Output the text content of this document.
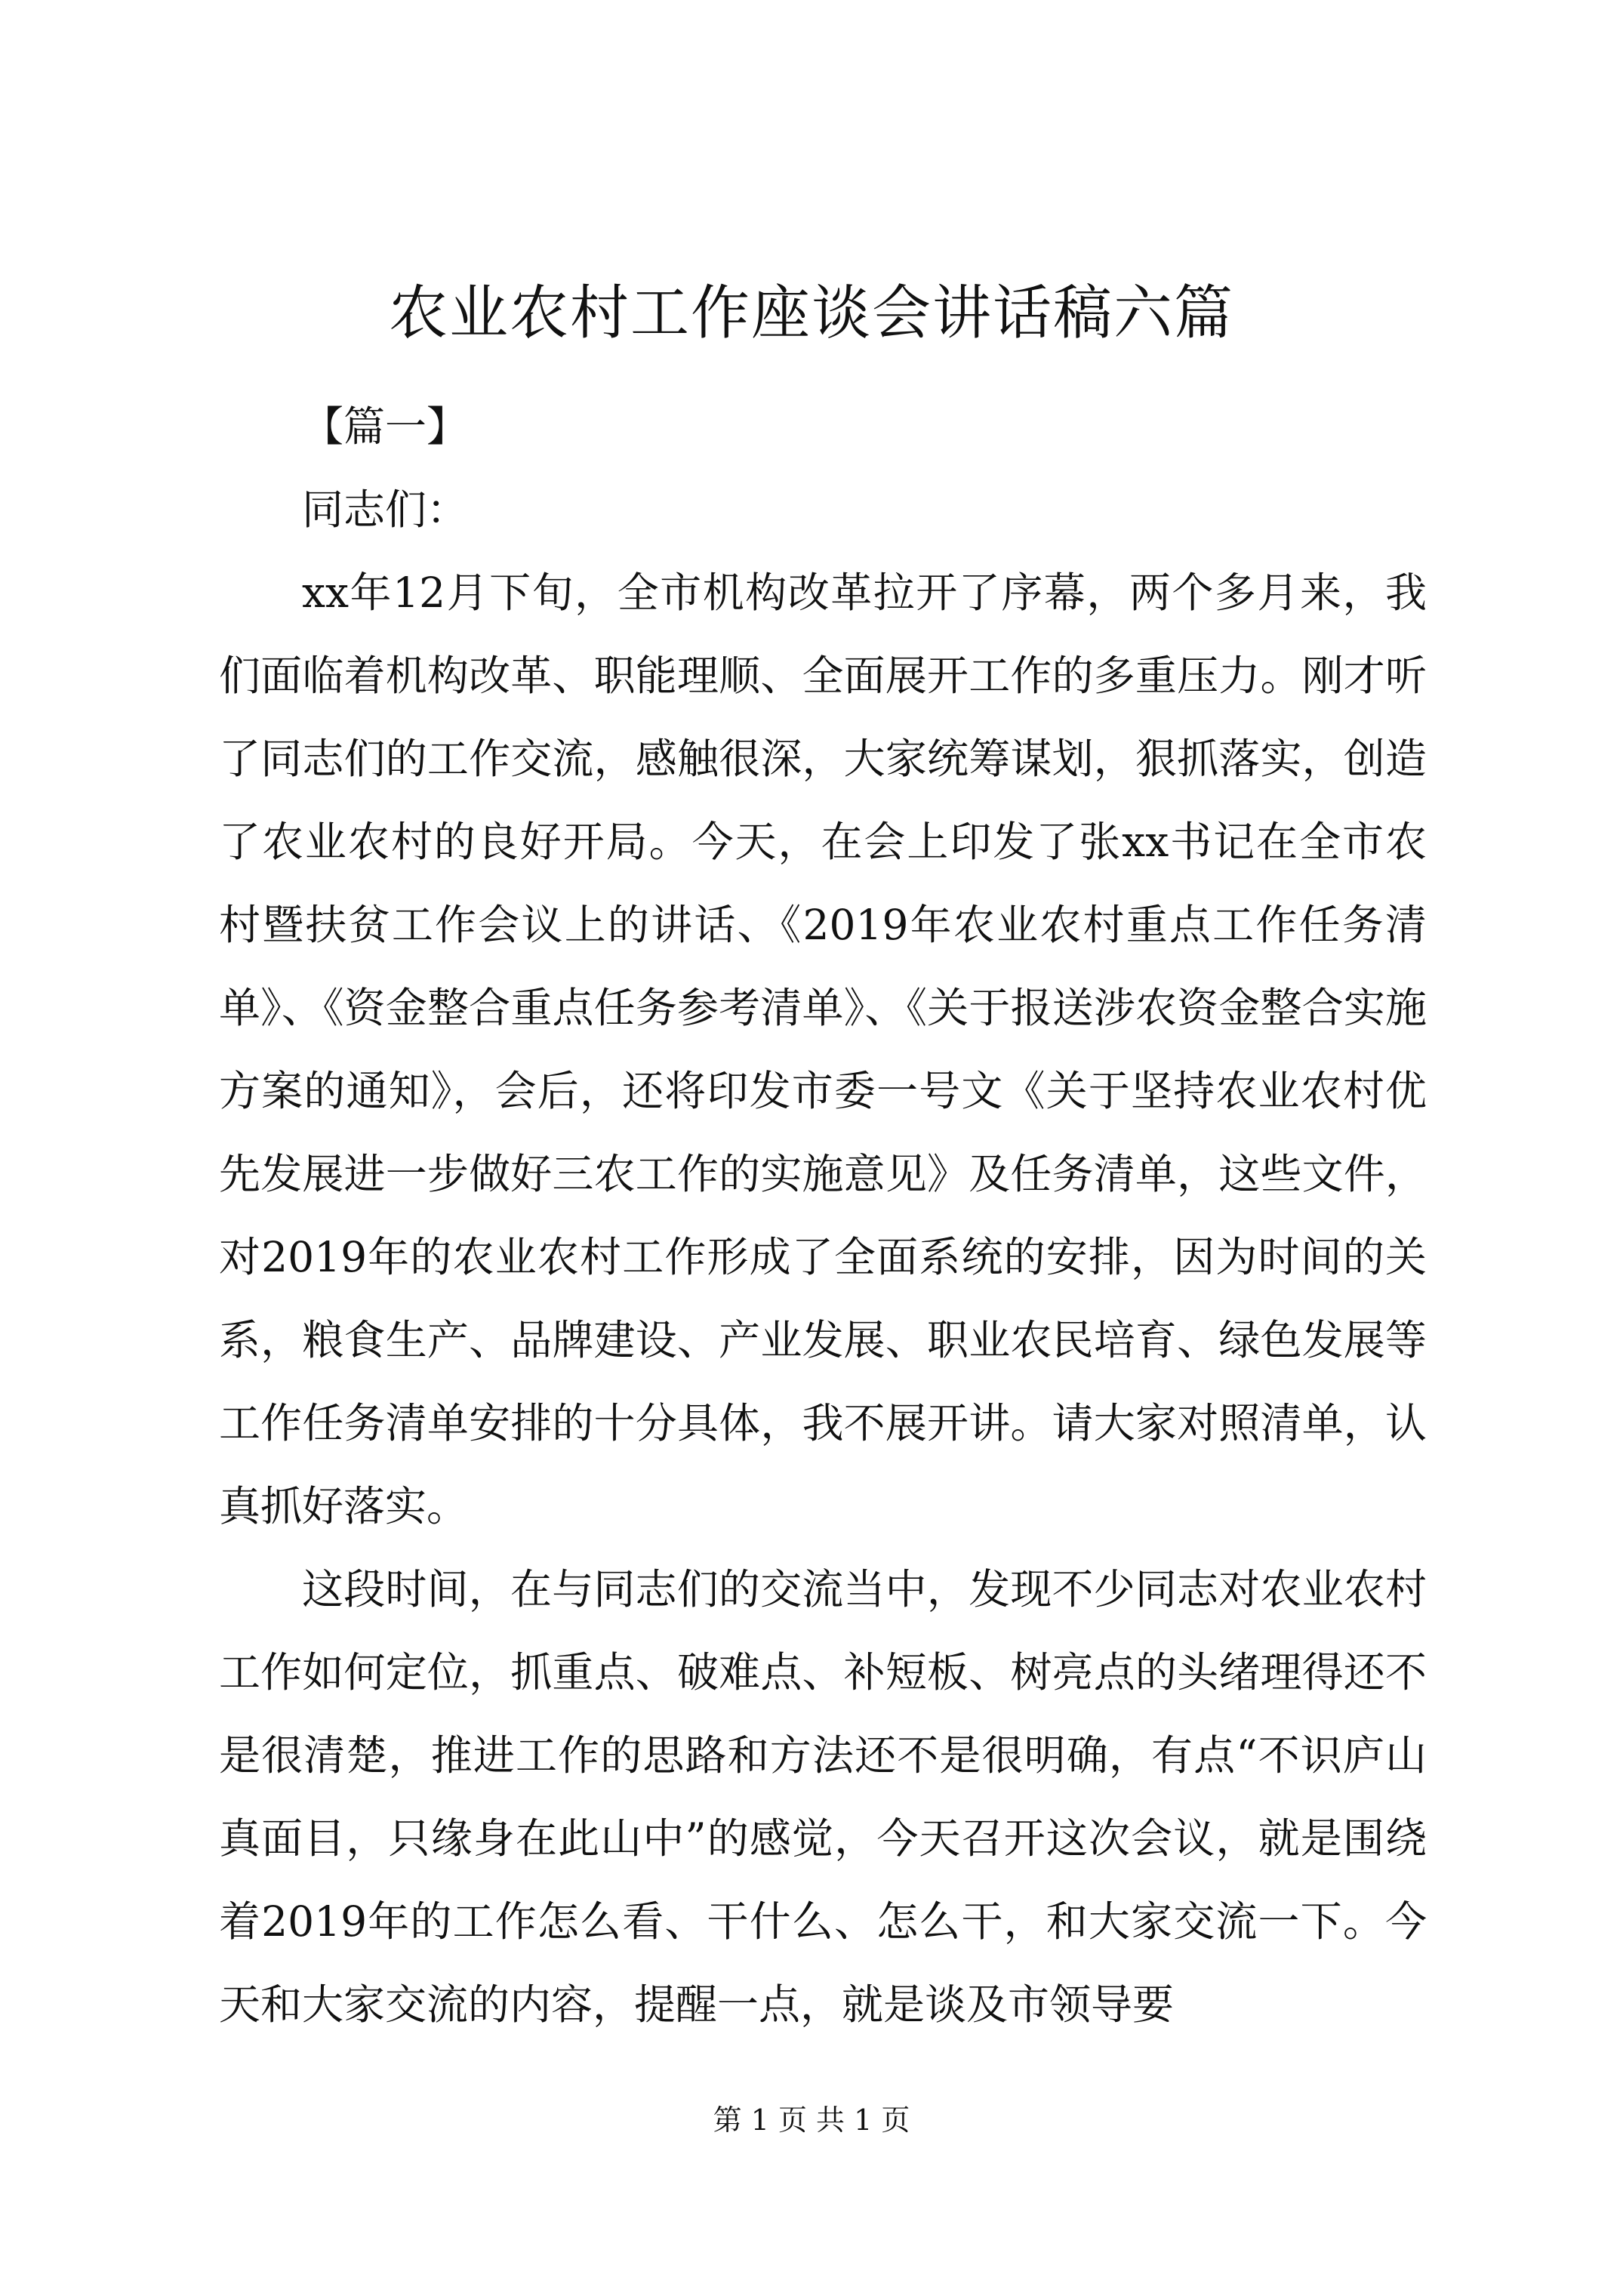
农业农村工作座谈会讲话稿六篇

【篇一】

同志们：

xx年12月下旬，全市机构改革拉开了序幕，两个多月来，我们面临着机构改革、职能理顺、全面展开工作的多重压力。刚才听了同志们的工作交流，感触很深，大家统筹谋划，狠抓落实，创造了农业农村的良好开局。今天，在会上印发了张xx书记在全市农村暨扶贫工作会议上的讲话、《2019年农业农村重点工作任务清单》、《资金整合重点任务参考清单》、《关于报送涉农资金整合实施方案的通知》，会后，还将印发市委一号文《关于坚持农业农村优先发展进一步做好三农工作的实施意见》及任务清单，这些文件，对2019年的农业农村工作形成了全面系统的安排，因为时间的关系，粮食生产、品牌建设、产业发展、职业农民培育、绿色发展等工作任务清单安排的十分具体，我不展开讲。请大家对照清单，认真抓好落实。

这段时间，在与同志们的交流当中，发现不少同志对农业农村工作如何定位，抓重点、破难点、补短板、树亮点的头绪理得还不是很清楚，推进工作的思路和方法还不是很明确，有点“不识庐山真面目，只缘身在此山中”的感觉，今天召开这次会议，就是围绕着2019年的工作怎么看、干什么、怎么干，和大家交流一下。今天和大家交流的内容，提醒一点，就是谈及市领导要

第 1 页 共 1 页
